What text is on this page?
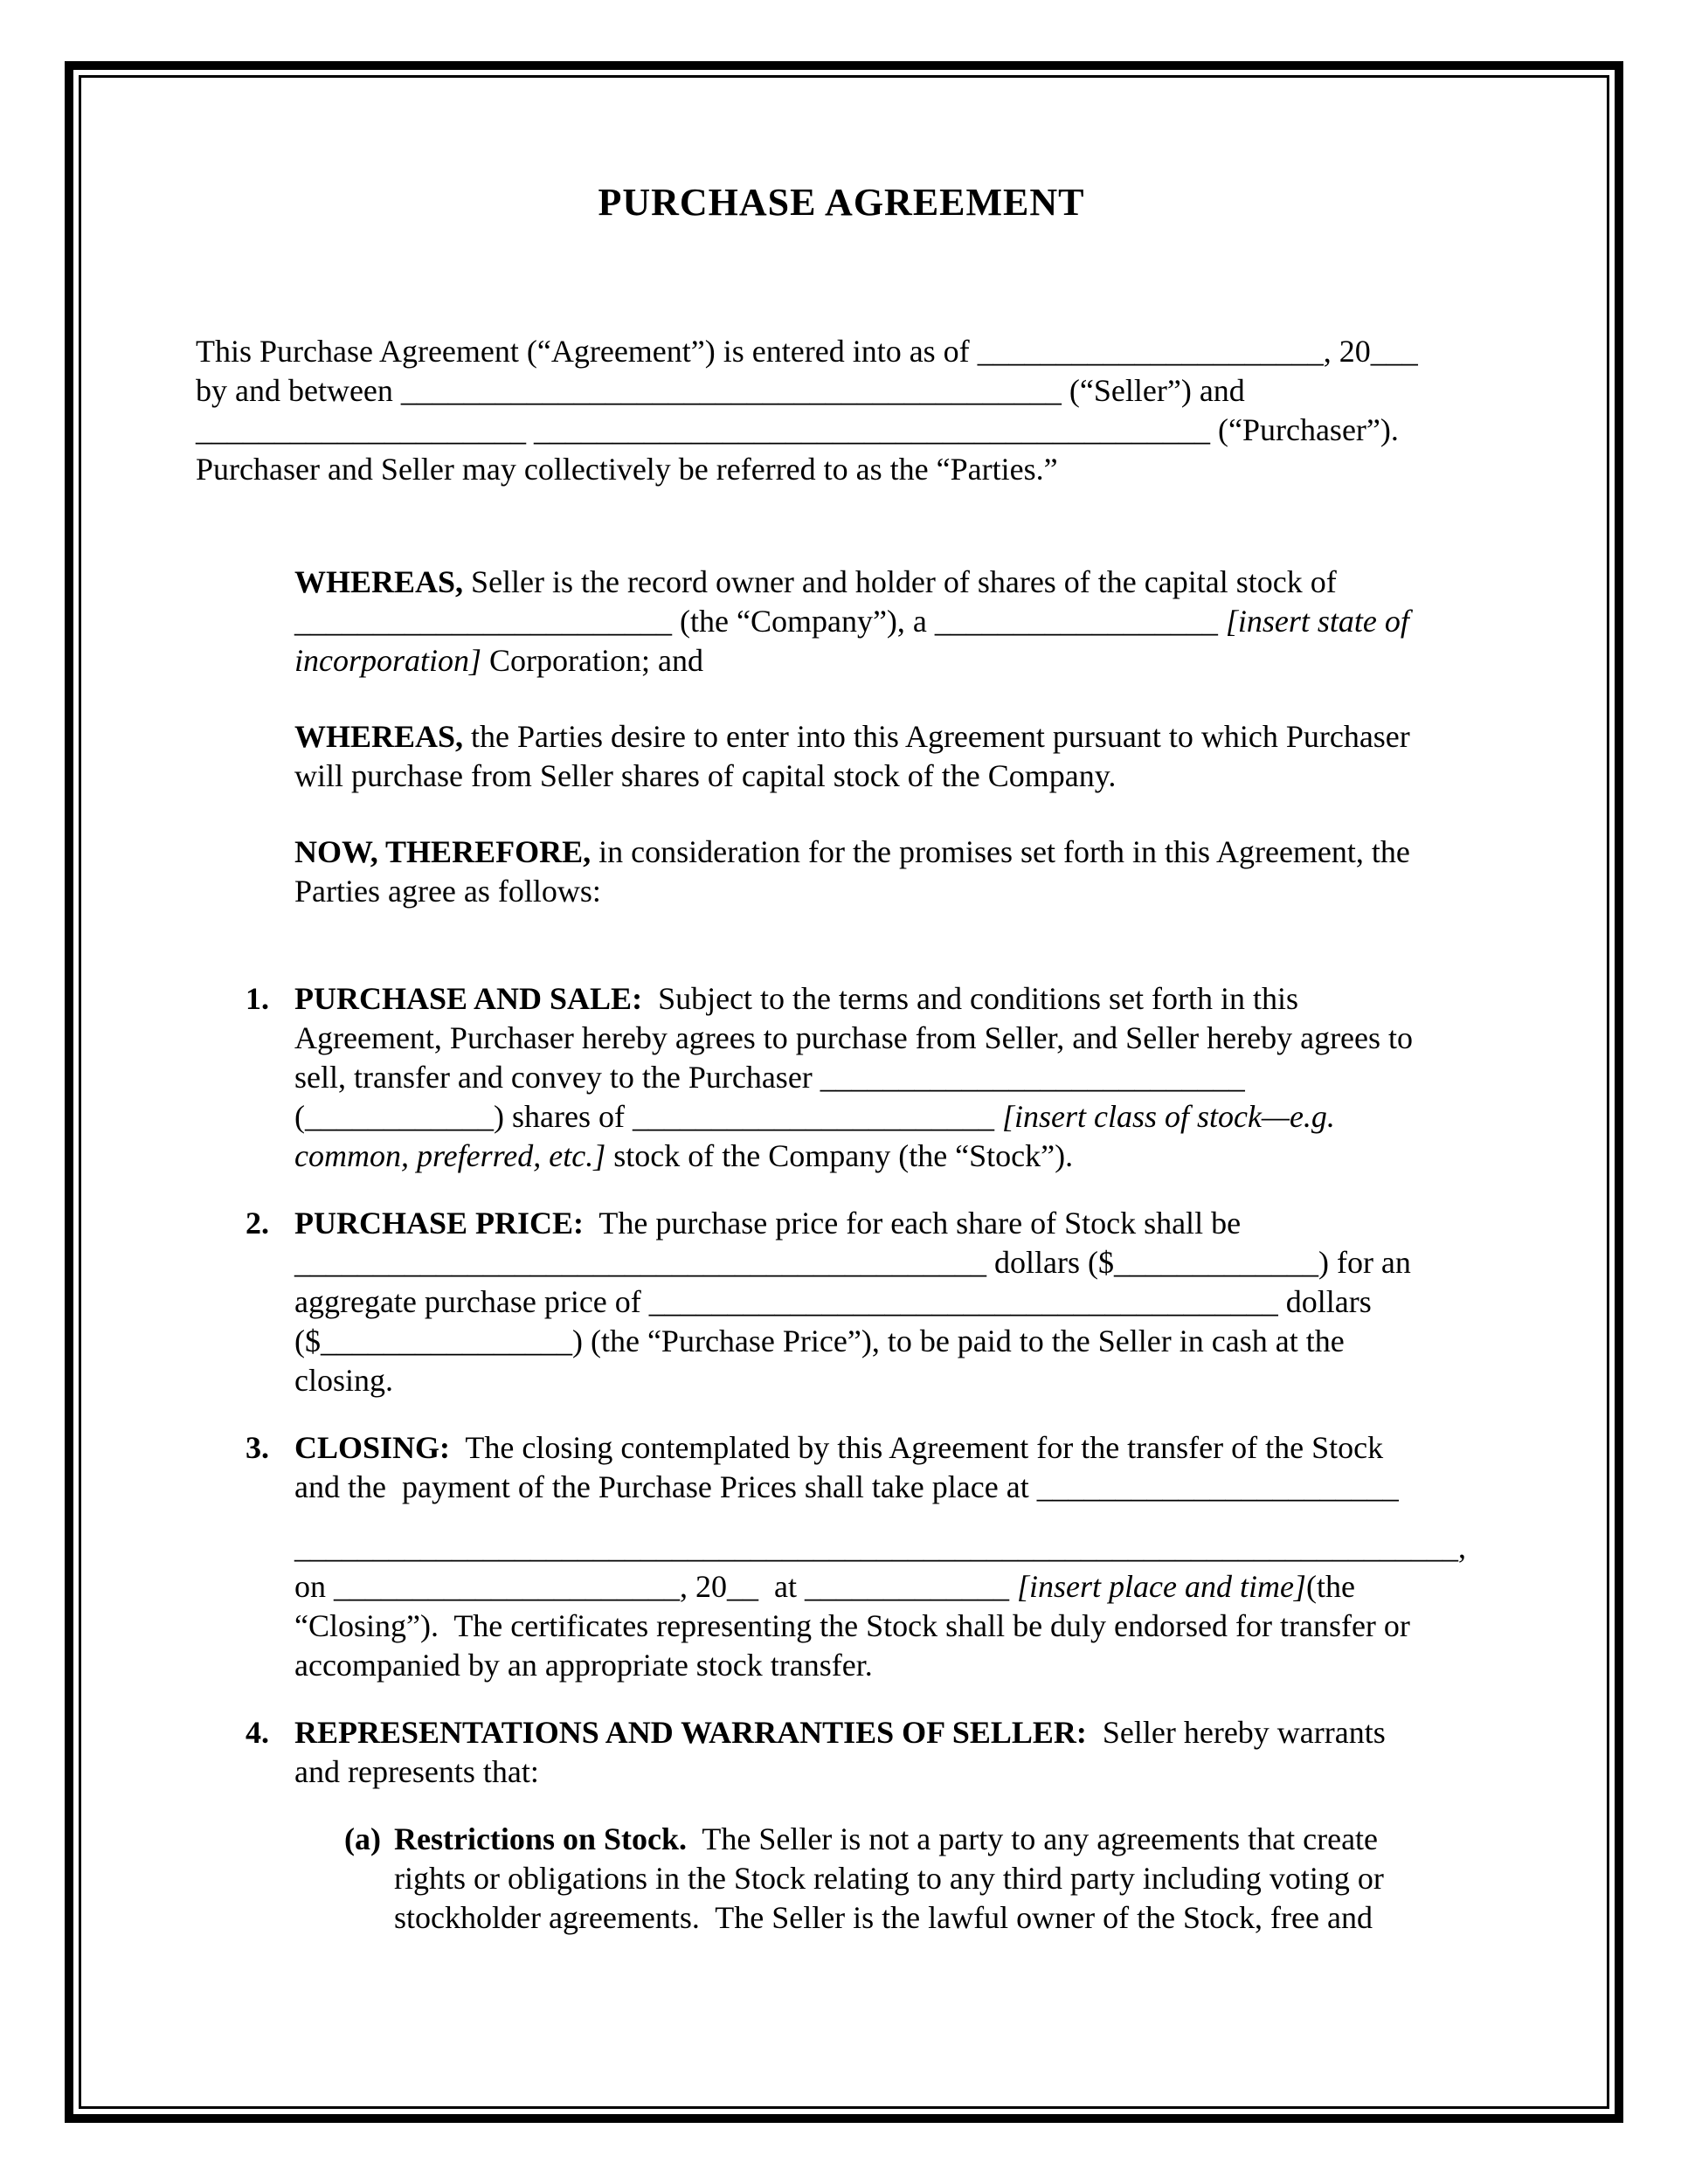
PURCHASE AGREEMENT
This Purchase Agreement (“Agreement”) is entered into as of ______________________, 20___
by and between __________________________________________ (“Seller”) and
_____________________ ___________________________________________ (“Purchaser”).
Purchaser and Seller may collectively be referred to as the “Parties.”
WHEREAS, Seller is the record owner and holder of shares of the capital stock of
________________________ (the “Company”), a __________________ [insert state of
incorporation] Corporation; and
WHEREAS, the Parties desire to enter into this Agreement pursuant to which Purchaser
will purchase from Seller shares of capital stock of the Company.
NOW, THEREFORE, in consideration for the promises set forth in this Agreement, the
Parties agree as follows:
1. PURCHASE AND SALE:  Subject to the terms and conditions set forth in this
Agreement, Purchaser hereby agrees to purchase from Seller, and Seller hereby agrees to
sell, transfer and convey to the Purchaser ___________________________
(____________) shares of _______________________ [insert class of stock—e.g.
common, preferred, etc.] stock of the Company (the “Stock”).
2. PURCHASE PRICE:  The purchase price for each share of Stock shall be
____________________________________________ dollars ($_____________) for an
aggregate purchase price of ________________________________________ dollars
($________________) (the “Purchase Price”), to be paid to the Seller in cash at the
closing.
3. CLOSING:  The closing contemplated by this Agreement for the transfer of the Stock
and the  payment of the Purchase Prices shall take place at _______________________
__________________________________________________________________________,
on ______________________, 20__  at _____________ [insert place and time](the
“Closing”).  The certificates representing the Stock shall be duly endorsed for transfer or
accompanied by an appropriate stock transfer.
4. REPRESENTATIONS AND WARRANTIES OF SELLER:  Seller hereby warrants
and represents that:
(a) Restrictions on Stock.  The Seller is not a party to any agreements that create
rights or obligations in the Stock relating to any third party including voting or
stockholder agreements.  The Seller is the lawful owner of the Stock, free and
